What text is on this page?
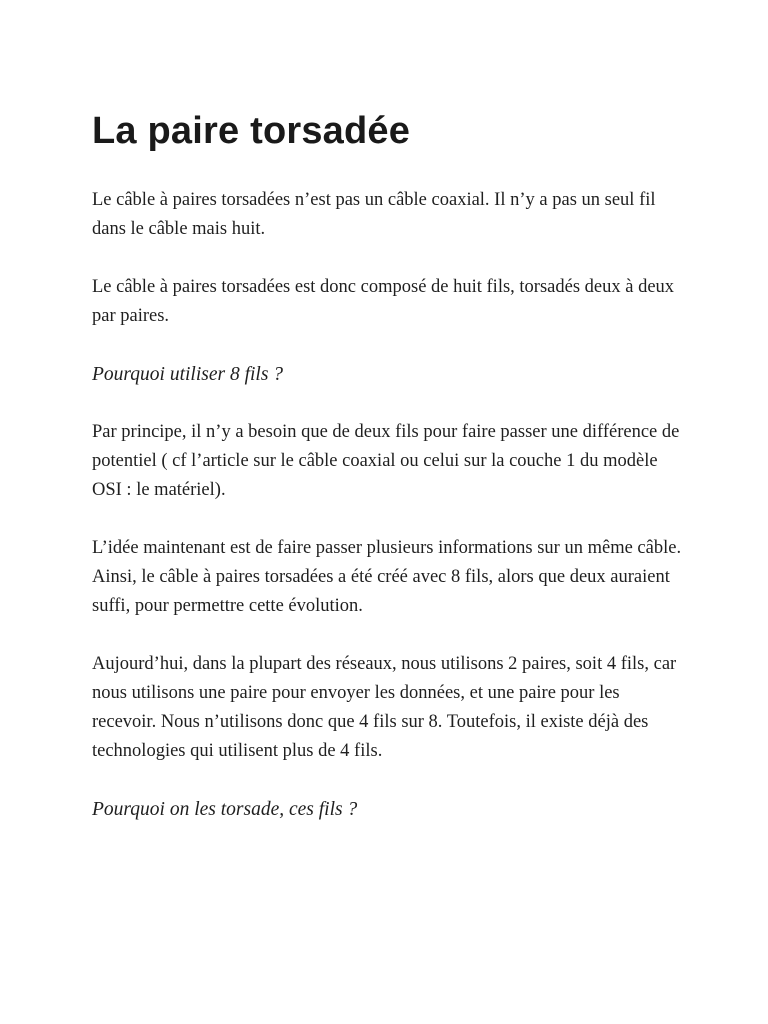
La paire torsadée

Le câble à paires torsadées n’est pas un câble coaxial. Il n’y a pas un seul fil dans le câble mais huit.

Le câble à paires torsadées est donc composé de huit fils, torsadés deux à deux par paires.

Pourquoi utiliser 8 fils ?

Par principe, il n’y a besoin que de deux fils pour faire passer une différence de potentiel ( cf l’article sur le câble coaxial ou celui sur la couche 1 du modèle OSI : le matériel).

L’idée maintenant est de faire passer plusieurs informations sur un même câble. Ainsi, le câble à paires torsadées a été créé avec 8 fils, alors que deux auraient suffi, pour permettre cette évolution.

Aujourd’hui, dans la plupart des réseaux, nous utilisons 2 paires, soit 4 fils, car nous utilisons une paire pour envoyer les données, et une paire pour les recevoir. Nous n’utilisons donc que 4 fils sur 8. Toutefois, il existe déjà des technologies qui utilisent plus de 4 fils.

Pourquoi on les torsade, ces fils ?
